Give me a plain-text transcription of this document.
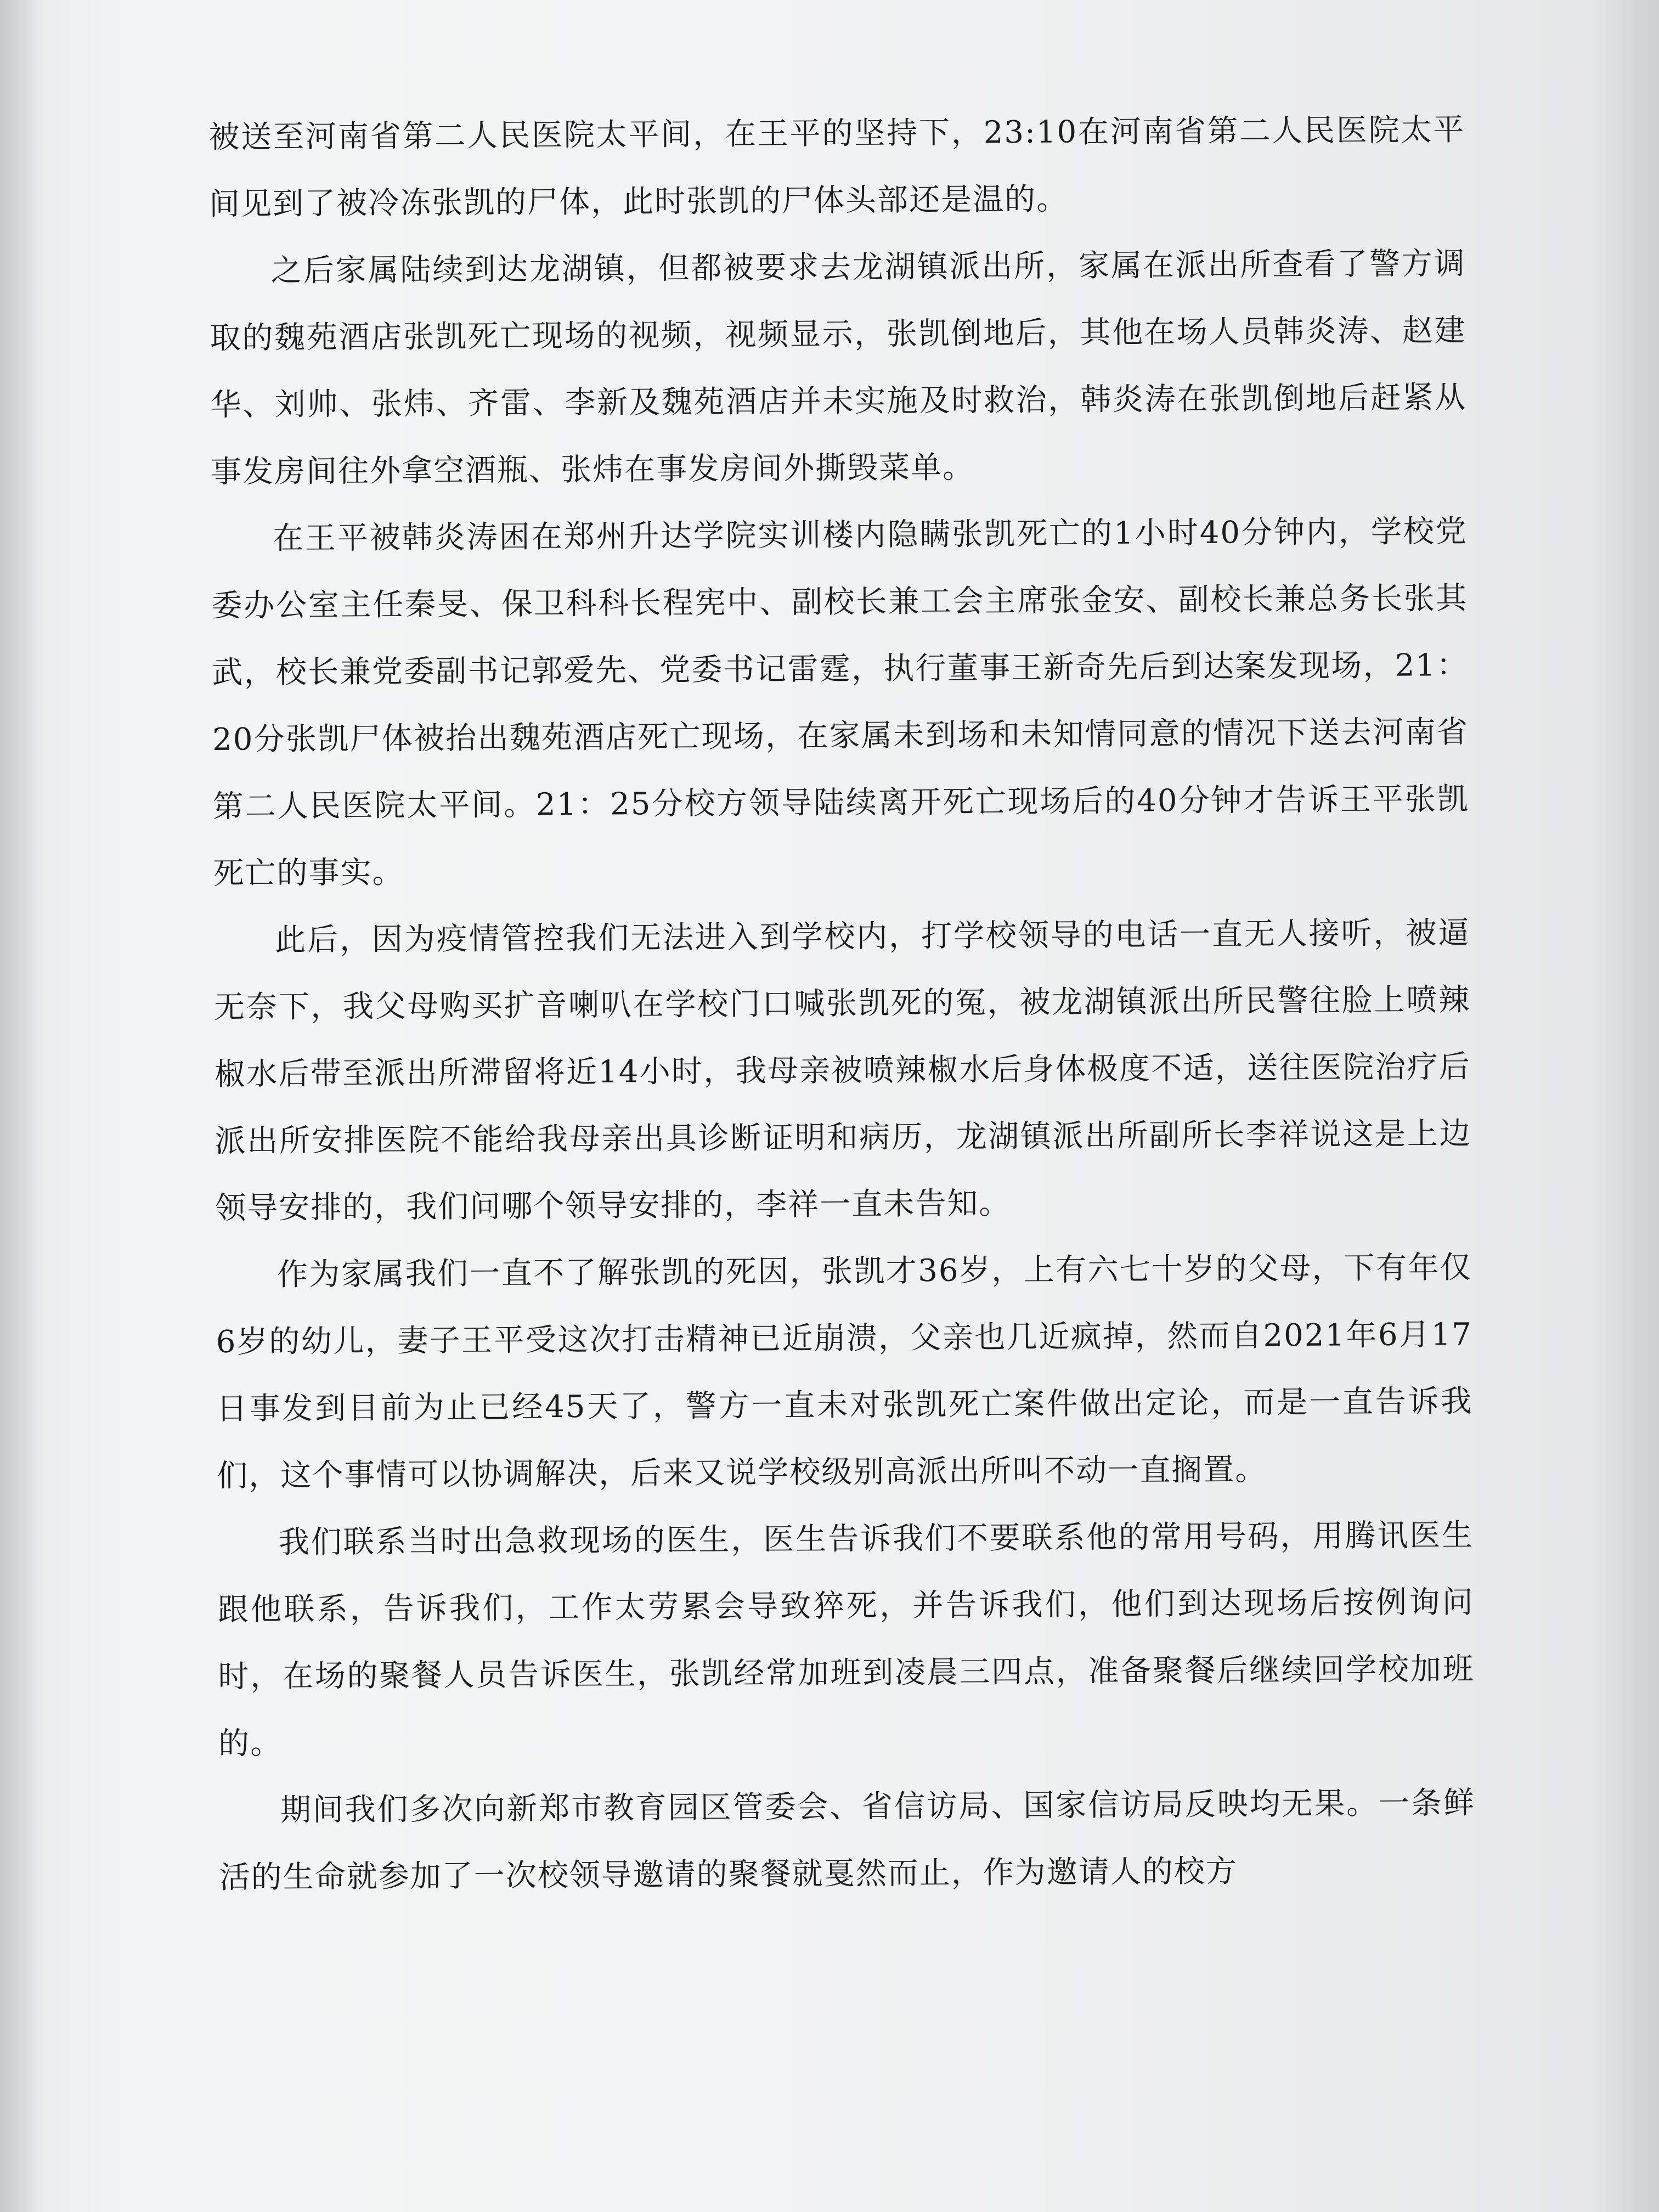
被送至河南省第二人民医院太平间，在王平的坚持下，23:10在河南省第二人民医院太平间见到了被冷冻张凯的尸体，此时张凯的尸体头部还是温的。

之后家属陆续到达龙湖镇，但都被要求去龙湖镇派出所，家属在派出所查看了警方调取的魏苑酒店张凯死亡现场的视频，视频显示，张凯倒地后，其他在场人员韩炎涛、赵建华、刘帅、张炜、齐雷、李新及魏苑酒店并未实施及时救治，韩炎涛在张凯倒地后赶紧从事发房间往外拿空酒瓶、张炜在事发房间外撕毁菜单。

在王平被韩炎涛困在郑州升达学院实训楼内隐瞒张凯死亡的1小时40分钟内，学校党委办公室主任秦旻、保卫科科长程宪中、副校长兼工会主席张金安、副校长兼总务长张其武，校长兼党委副书记郭爱先、党委书记雷霆，执行董事王新奇先后到达案发现场，21：20分张凯尸体被抬出魏苑酒店死亡现场，在家属未到场和未知情同意的情况下送去河南省第二人民医院太平间。21：25分校方领导陆续离开死亡现场后的40分钟才告诉王平张凯死亡的事实。

此后，因为疫情管控我们无法进入到学校内，打学校领导的电话一直无人接听，被逼无奈下，我父母购买扩音喇叭在学校门口喊张凯死的冤，被龙湖镇派出所民警往脸上喷辣椒水后带至派出所滞留将近14小时，我母亲被喷辣椒水后身体极度不适，送往医院治疗后派出所安排医院不能给我母亲出具诊断证明和病历，龙湖镇派出所副所长李祥说这是上边领导安排的，我们问哪个领导安排的，李祥一直未告知。

作为家属我们一直不了解张凯的死因，张凯才36岁，上有六七十岁的父母，下有年仅6岁的幼儿，妻子王平受这次打击精神已近崩溃，父亲也几近疯掉，然而自2021年6月17日事发到目前为止已经45天了，警方一直未对张凯死亡案件做出定论，而是一直告诉我们，这个事情可以协调解决，后来又说学校级别高派出所叫不动一直搁置。

我们联系当时出急救现场的医生，医生告诉我们不要联系他的常用号码，用腾讯医生跟他联系，告诉我们，工作太劳累会导致猝死，并告诉我们，他们到达现场后按例询问时，在场的聚餐人员告诉医生，张凯经常加班到凌晨三四点，准备聚餐后继续回学校加班的。

期间我们多次向新郑市教育园区管委会、省信访局、国家信访局反映均无果。一条鲜活的生命就参加了一次校领导邀请的聚餐就戛然而止，作为邀请人的校方
